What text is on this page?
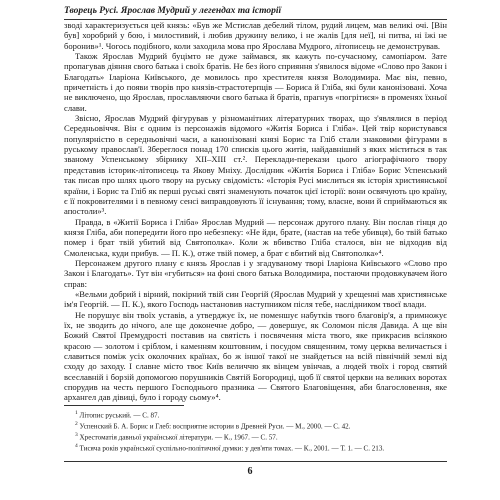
Творець Русі. Ярослав Мудрий у легендах та історії

зводі характеризується цей князь: «Був же Мстислав дебелий тілом, рудий лицем, мав великі очі. [Він був] хоробрий у бою, і милостивий, і любив дружину велико, і не жалів [для неї], ні питва, ні їжі не боронив»¹. Чогось подібного, коли заходила мова про Ярослава Мудрого, літописець не демонстрував.

Також Ярослав Мудрий буцімто не дуже займався, як кажуть по-сучасному, самопіаром. Зате пропагував діяння свого батька і своїх братів. Не без його сприяння з'явилося відоме «Слово про Закон і Благодать» Іларіона Київського, де мовилось про хрестителя князя Володимира. Має він, певно, причетність і до появи творів про князів-страстотерпців — Бориса й Гліба, які були канонізовані. Хоча не виключено, що Ярослав, прославляючи свого батька й братів, прагнув «погрітися» в променях їхньої слави.

Звісно, Ярослав Мудрий фігурував у різноманітних літературних творах, що з'являлися в період Середньовіччя. Він є одним із персонажів відомого «Житія Бориса і Гліба». Цей твір користувався популярністю в середньовічні часи, а канонізовані князі Борис та Гліб стали знаковими фігурами в руському православ'ї. Збереглося понад 170 списків цього житія, найдавніший з яких міститься в так званому Успенському збірнику XII–XIII ст.². Переклади-перекази цього агіографічного твору представив історик-літописець та Якову Мніху. Дослідник «Житія Бориса і Гліба» Борис Успенський так писав про шлях цього твору на руську свідомість: «Історія Русі мислиться як історія християнської країни, і Борис та Гліб як перші руські святі знаменують початок цієї історії: вони освячують цю країну, є її покровителями і в певному сенсі виправдовують її існування; тому, власне, вони й сприймаються як апостоли»³.

Правда, в «Житії Бориса і Гліба» Ярослав Мудрий — персонаж другого плану. Він послав гінця до князя Гліба, аби попередити його про небезпеку: «Не йди, брате, (настав на тебе убивця), бо твій батько помер і брат твій убитий від Святополка». Коли ж вбивство Гліба сталося, він не відходив від Смоленська, куди прибув. — П. К.), отже твій помер, а брат є вбитий від Святополка»⁴.

Персонажем другого плану є князь Ярослав і у згадуваному творі Іларіона Київського «Слово про Закон і Благодать». Тут він «губиться» на фоні свого батька Володимира, постаючи продовжувачем його справ:

«Вельми добрий і вірний, покірний твій син Георгій (Ярослав Мудрий у хрещенні мав християнське ім'я Георгій. — П. К.), якого Господь настановив наступником після тебе, наслідником твоєї влади.

Не порушує він твоїх уставів, а утверджує їх, не поменшує набутків твого благовір'я, а примножує їх, не зводить до нічого, але ще доконечне добро, — довершує, як Соломон після Давида. А ще він Божий Святої Премудрості поставив на святість і посвячення міста твого, яке прикрасив всілякою красою — золотом і сріблом, і каменням коштовним, і посудом священним, тому церква величається і славиться поміж усіх околочних країнах, бо ж іншої такої не знайдеться на всій північній землі від сходу до заходу. І славне місто твоє Київ величчю як вінцем увінчав, а людей твоїх і город святий всеславній і борзій допомогою порушників Святій Богородиці, щоб її святої церкви на великих воротах спорудив на честь першого Господнього празника — Святого Благовіщення, аби благословення, яке архангел дав дівиці, було і городу сьому»⁴.

$^1$ Літопис руський. — С. 87.
$^2$ Успенский Б. А. Борис и Глеб: восприятие истории в Древней Руси. — М., 2000. — С. 42.
$^3$ Хрестоматія давньої української літератури. — К., 1967. — С. 57.
$^4$ Тисяча років української суспільно-політичної думки: у дев'яти томах. — К., 2001. — Т. 1. — С. 213.
6
